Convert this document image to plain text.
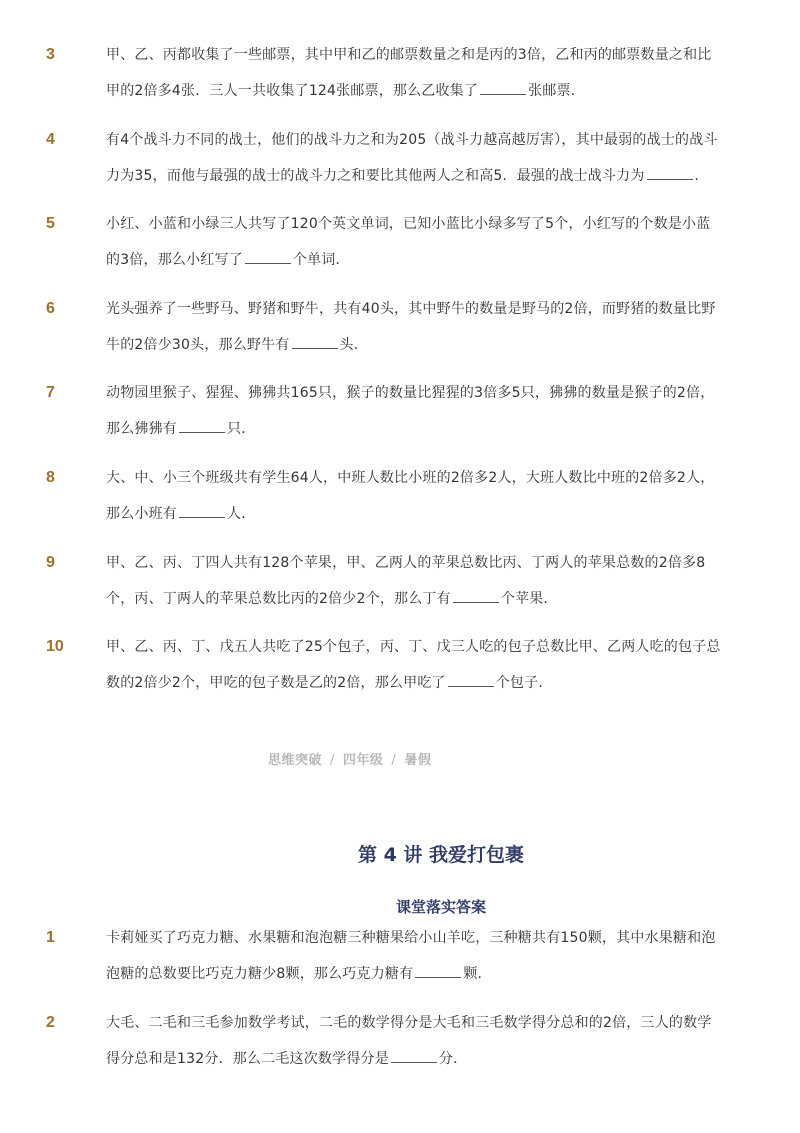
3	甲、乙、丙都收集了一些邮票，其中甲和乙的邮票数量之和是丙的3倍，乙和丙的邮票数量之和比甲的2倍多4张．三人一共收集了124张邮票，那么乙收集了	张邮票．
4	有4个战斗力不同的战士，他们的战斗力之和为205（战斗力越高越厉害），其中最弱的战士的战斗力为35，而他与最强的战士的战斗力之和要比其他两人之和高5．最强的战士战斗力为	．
5	小红、小蓝和小绿三人共写了120个英文单词，已知小蓝比小绿多写了5个，小红写的个数是小蓝的3倍，那么小红写了	个单词．
6	光头强养了一些野马、野猪和野牛，共有40头，其中野牛的数量是野马的2倍，而野猪的数量比野牛的2倍少30头，那么野牛有	头．
7	动物园里猴子、猩猩、狒狒共165只，猴子的数量比猩猩的3倍多5只，狒狒的数量是猴子的2倍，那么狒狒有	只．
8	大、中、小三个班级共有学生64人，中班人数比小班的2倍多2人，大班人数比中班的2倍多2人，那么小班有	人．
9	甲、乙、丙、丁四人共有128个苹果，甲、乙两人的苹果总数比丙、丁两人的苹果总数的2倍多8个，丙、丁两人的苹果总数比丙的2倍少2个，那么丁有	个苹果．
10	甲、乙、丙、丁、戊五人共吃了25个包子，丙、丁、戊三人吃的包子总数比甲、乙两人吃的包子总数的2倍少2个，甲吃的包子数是乙的2倍，那么甲吃了	个包子．
思维突破 / 四年级 / 暑假
第 4 讲 我爱打包裹
课堂落实答案
1	卡莉娅买了巧克力糖、水果糖和泡泡糖三种糖果给小山羊吃，三种糖共有150颗，其中水果糖和泡泡糖的总数要比巧克力糖少8颗，那么巧克力糖有	颗．
2	大毛、二毛和三毛参加数学考试，二毛的数学得分是大毛和三毛数学得分总和的2倍，三人的数学得分总和是132分．那么二毛这次数学得分是	分．
